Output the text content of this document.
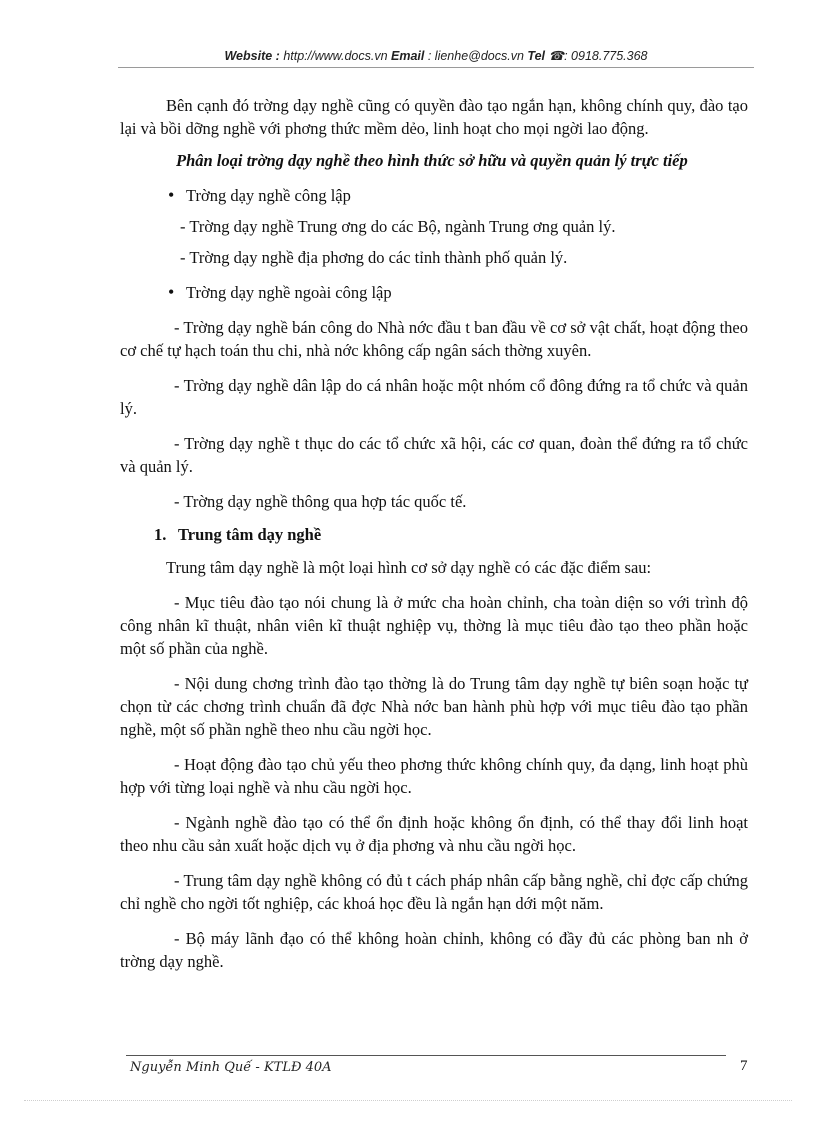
Website : http://www.docs.vn Email : lienhe@docs.vn Tel ☎: 0918.775.368

Bên cạnh đó trờng dạy nghề cũng có quyền đào tạo ngắn hạn, không chính quy, đào tạo lại và bồi dỡng nghề với phơng thức mềm dẻo, linh hoạt cho mọi ngời lao động.

Phân loại trờng dạy nghề theo hình thức sở hữu và quyền quản lý trực tiếp

• Trờng dạy nghề công lập

- Trờng dạy nghề Trung ơng do các Bộ, ngành Trung ơng quản lý.

- Trờng dạy nghề địa phơng do các tỉnh thành phố quản lý.

• Trờng dạy nghề ngoài công lập

- Trờng dạy nghề bán công do Nhà nớc đầu t ban đầu về cơ sở vật chất, hoạt động theo cơ chế tự hạch toán thu chi, nhà nớc không cấp ngân sách thờng xuyên.

- Trờng dạy nghề dân lập do cá nhân hoặc một nhóm cổ đông đứng ra tổ chức và quản lý.

- Trờng dạy nghề t thục do các tổ chức xã hội, các cơ quan, đoàn thể đứng ra tổ chức và quản lý.

- Trờng dạy nghề thông qua hợp tác quốc tế.

1. Trung tâm dạy nghề

Trung tâm dạy nghề là một loại hình cơ sở dạy nghề có các đặc điểm sau:

- Mục tiêu đào tạo nói chung là ở mức cha hoàn chỉnh, cha toàn diện so với trình độ công nhân kĩ thuật, nhân viên kĩ thuật nghiệp vụ, thờng là mục tiêu đào tạo theo phần hoặc một số phần của nghề.

- Nội dung chơng trình đào tạo thờng là do Trung tâm dạy nghề tự biên soạn hoặc tự chọn từ các chơng trình chuẩn đã đợc Nhà nớc ban hành phù hợp với mục tiêu đào tạo phần nghề, một số phần nghề theo nhu cầu ngời học.

- Hoạt động đào tạo chủ yếu theo phơng thức không chính quy, đa dạng, linh hoạt phù hợp với từng loại nghề và nhu cầu ngời học.

- Ngành nghề đào tạo có thể ổn định hoặc không ổn định, có thể thay đổi linh hoạt theo nhu cầu sản xuất hoặc dịch vụ ở địa phơng và nhu cầu ngời học.

- Trung tâm dạy nghề không có đủ t cách pháp nhân cấp bằng nghề, chỉ đợc cấp chứng chỉ nghề cho ngời tốt nghiệp, các khoá học đều là ngắn hạn dới một năm.

- Bộ máy lãnh đạo có thể không hoàn chỉnh, không có đầy đủ các phòng ban nh ở trờng dạy nghề.

Nguyễn Minh Quế - KTLĐ 40A	7
